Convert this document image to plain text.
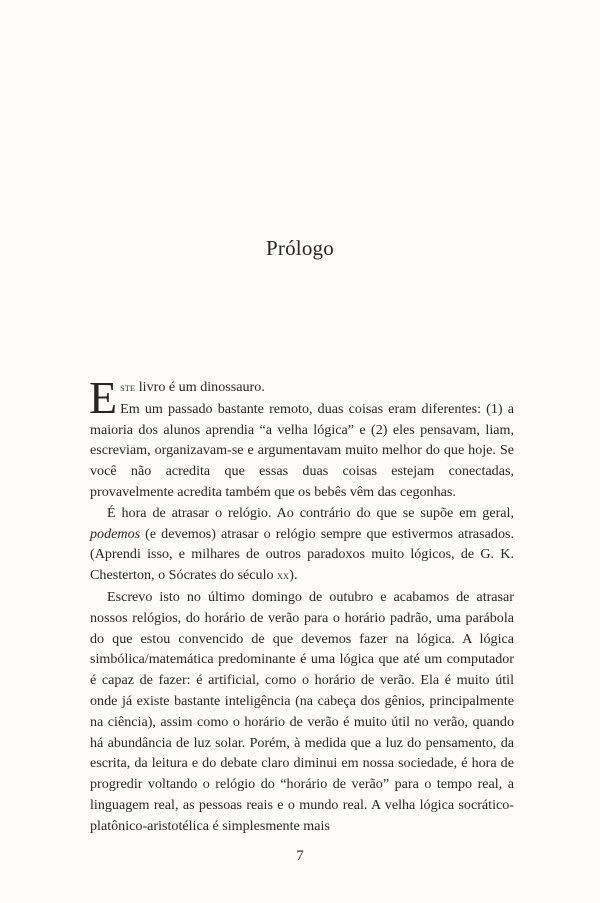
Prólogo

Este livro é um dinossauro.

Em um passado bastante remoto, duas coisas eram diferentes: (1) a maioria dos alunos aprendia “a velha lógica” e (2) eles pensavam, liam, escreviam, organizavam-se e argumentavam muito melhor do que hoje. Se você não acredita que essas duas coisas estejam conectadas, provavelmente acredita também que os bebês vêm das cegonhas.

É hora de atrasar o relógio. Ao contrário do que se supõe em geral, podemos (e devemos) atrasar o relógio sempre que estivermos atrasados. (Aprendi isso, e milhares de outros paradoxos muito lógicos, de G. K. Chesterton, o Sócrates do século xx).

Escrevo isto no último domingo de outubro e acabamos de atrasar nossos relógios, do horário de verão para o horário padrão, uma parábola do que estou convencido de que devemos fazer na lógica. A lógica simbólica/matemática predominante é uma lógica que até um computador é capaz de fazer: é artificial, como o horário de verão. Ela é muito útil onde já existe bastante inteligência (na cabeça dos gênios, principalmente na ciência), assim como o horário de verão é muito útil no verão, quando há abundância de luz solar. Porém, à medida que a luz do pensamento, da escrita, da leitura e do debate claro diminui em nossa sociedade, é hora de progredir voltando o relógio do “horário de verão” para o tempo real, a linguagem real, as pessoas reais e o mundo real. A velha lógica socrático-platônico-aristotélica é simplesmente mais

7
